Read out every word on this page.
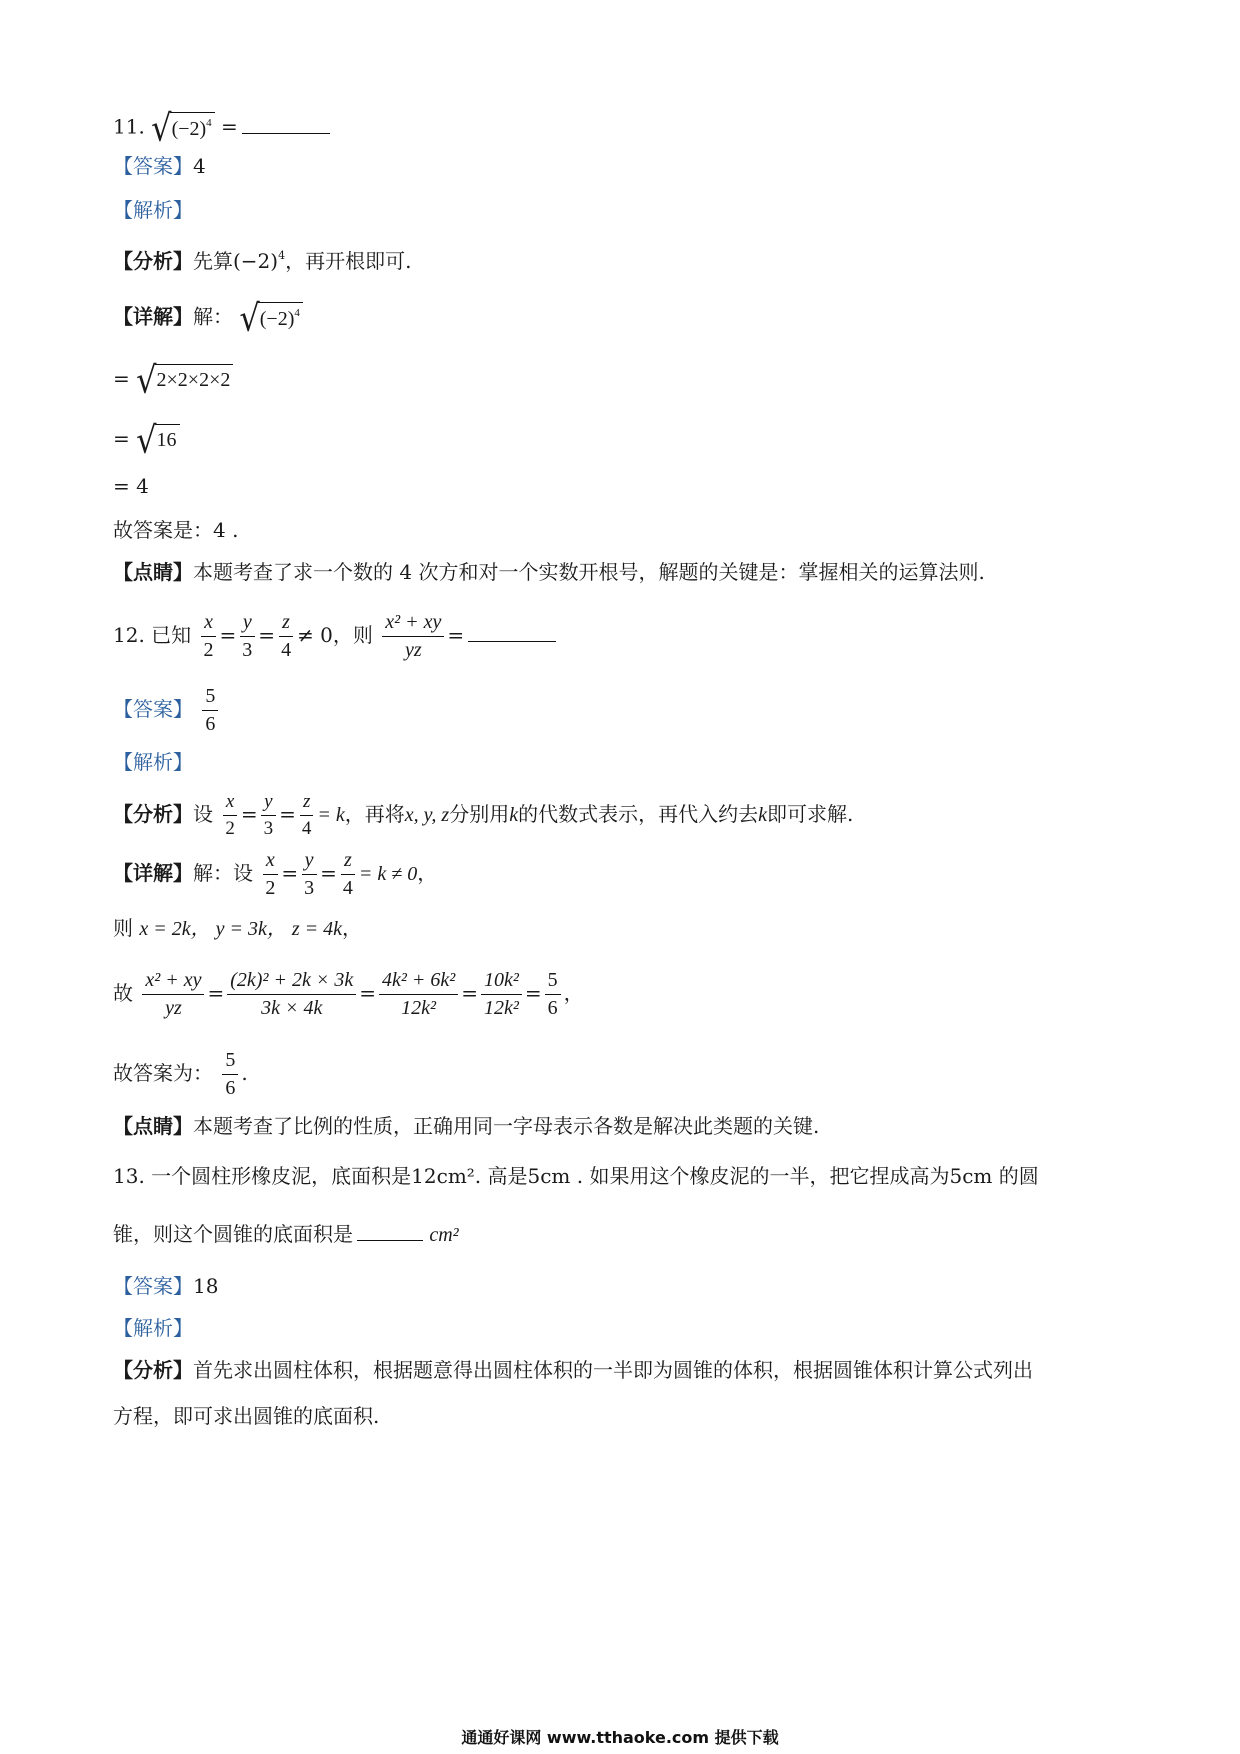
11. √ $(-2)^4$ =
【答案】4
【解析】
【分析】先算$(-2)^4$，再开根即可.
【详解】解： √ $(-2)^4$
= √ 2×2×2×2
= √ 16
= 4
故答案是：4 .
【点睛】本题考查了求一个数的 4 次方和对一个实数开根号，解题的关键是：掌握相关的运算法则.
12. 已知 $\frac{x}{2} = \frac{y}{3} = \frac{z}{4} \ne 0$，则 $\frac{\text{x² + xy}}{yz}$ =
【答案】 $\frac{5}{6}$
【解析】
【分析】设 $\frac{x}{2} = \frac{y}{3} = \frac{z}{4} = k$，再将x, y, z分别用k的代数式表示，再代入约去k即可求解.
【详解】解：设 $\frac{x}{2} = \frac{y}{3} = \frac{z}{4} = k \ne 0$，
则 x = 2k， y = 3k， z = 4k，
故 $\frac{\text{x² + xy}}{yz} = \frac{\text{(2k)² + 2k × 3k}}{3k \times 4k} = \frac{\text{4k² + 6k²}}{\text{12k²}} = \frac{\text{10k²}}{\text{12k²}} = \frac{5}{6}$ ，
故答案为： $\frac{5}{6}$ .
【点睛】本题考查了比例的性质，正确用同一字母表示各数是解决此类题的关键.
13. 一个圆柱形橡皮泥，底面积是12cm². 高是5cm . 如果用这个橡皮泥的一半，把它捏成高为5cm 的圆
锥，则这个圆锥的底面积是	cm²
【答案】18
【解析】
【分析】首先求出圆柱体积，根据题意得出圆柱体积的一半即为圆锥的体积，根据圆锥体积计算公式列出
方程，即可求出圆锥的底面积.
通通好课网 www.tthaoke.com 提供下载
